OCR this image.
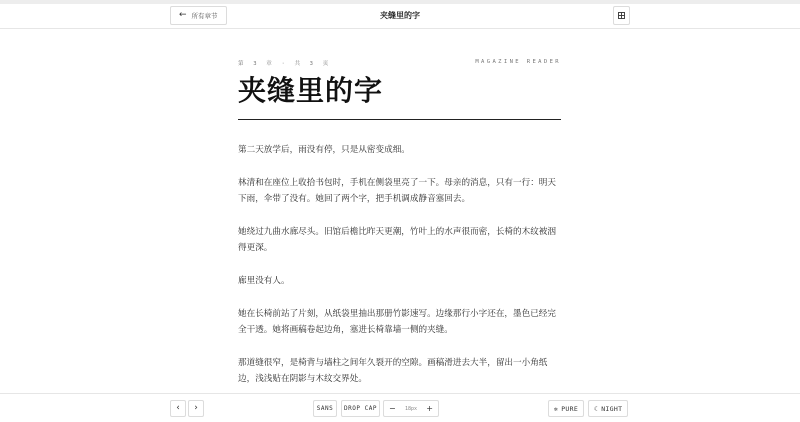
← 所有章节	夹缝里的字
第 3 章 · 共 3 页	MAGAZINE READER
夹缝里的字

第二天放学后，雨没有停，只是从密变成细。

林清和在座位上收拾书包时，手机在侧袋里亮了一下。母亲的消息，只有一行：明天下雨，伞带了没有。她回了两个字，把手机调成静音塞回去。

她绕过九曲水廊尽头。旧馆后檐比昨天更潮，竹叶上的水声很而密，长椅的木纹被洇得更深。

廊里没有人。

她在长椅前站了片刻，从纸袋里抽出那册竹影速写。边缘那行小字还在，墨色已经完全干透。她将画稿卷起边角，塞进长椅靠墙一侧的夹缝。

那道缝很窄，是椅背与墙柱之间年久裂开的空隙。画稿滑进去大半，留出一小角纸边，浅浅贴在阴影与木纹交界处。

‹ ›	SANS DROP CAP − 18px +	✲ PURE ☾ NIGHT
